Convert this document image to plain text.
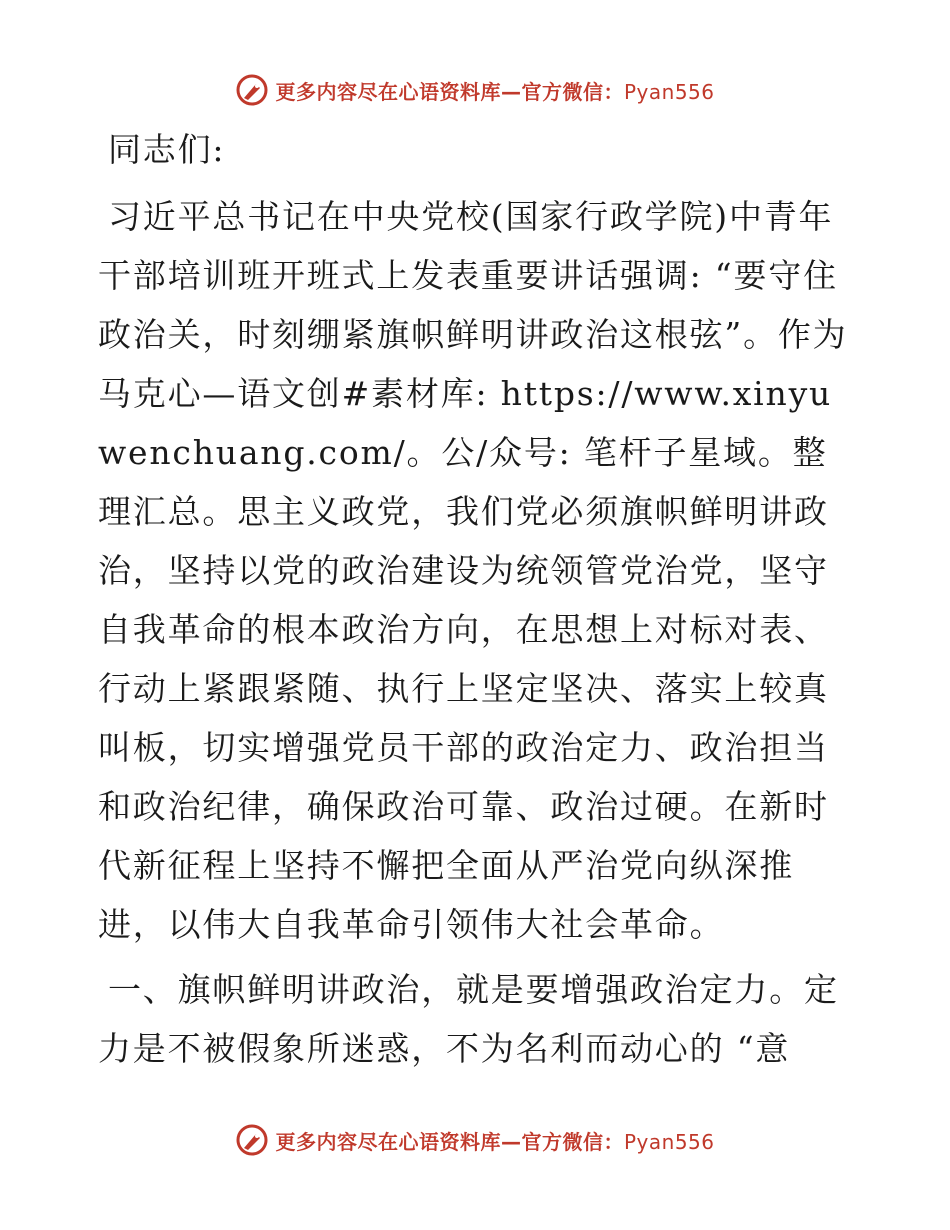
更多内容尽在心语资料库—官方微信：Pyan556

同志们:

习近平总书记在中央党校(国家行政学院)中青年干部培训班开班式上发表重要讲话强调: “要守住政治关，时刻绷紧旗帜鲜明讲政治这根弦”。作为马克心—语文创#素材库: https://www.xinyuwenchuang.com/。公/众号: 笔杆子星域。整理汇总。思主义政党，我们党必须旗帜鲜明讲政治，坚持以党的政治建设为统领管党治党，坚守自我革命的根本政治方向，在思想上对标对表、行动上紧跟紧随、执行上坚定坚决、落实上较真叫板，切实增强党员干部的政治定力、政治担当和政治纪律，确保政治可靠、政治过硬。在新时代新征程上坚持不懈把全面从严治党向纵深推进，以伟大自我革命引领伟大社会革命。

一、旗帜鲜明讲政治，就是要增强政治定力。定力是不被假象所迷惑，不为名利而动心的 “意

更多内容尽在心语资料库—官方微信：Pyan556
